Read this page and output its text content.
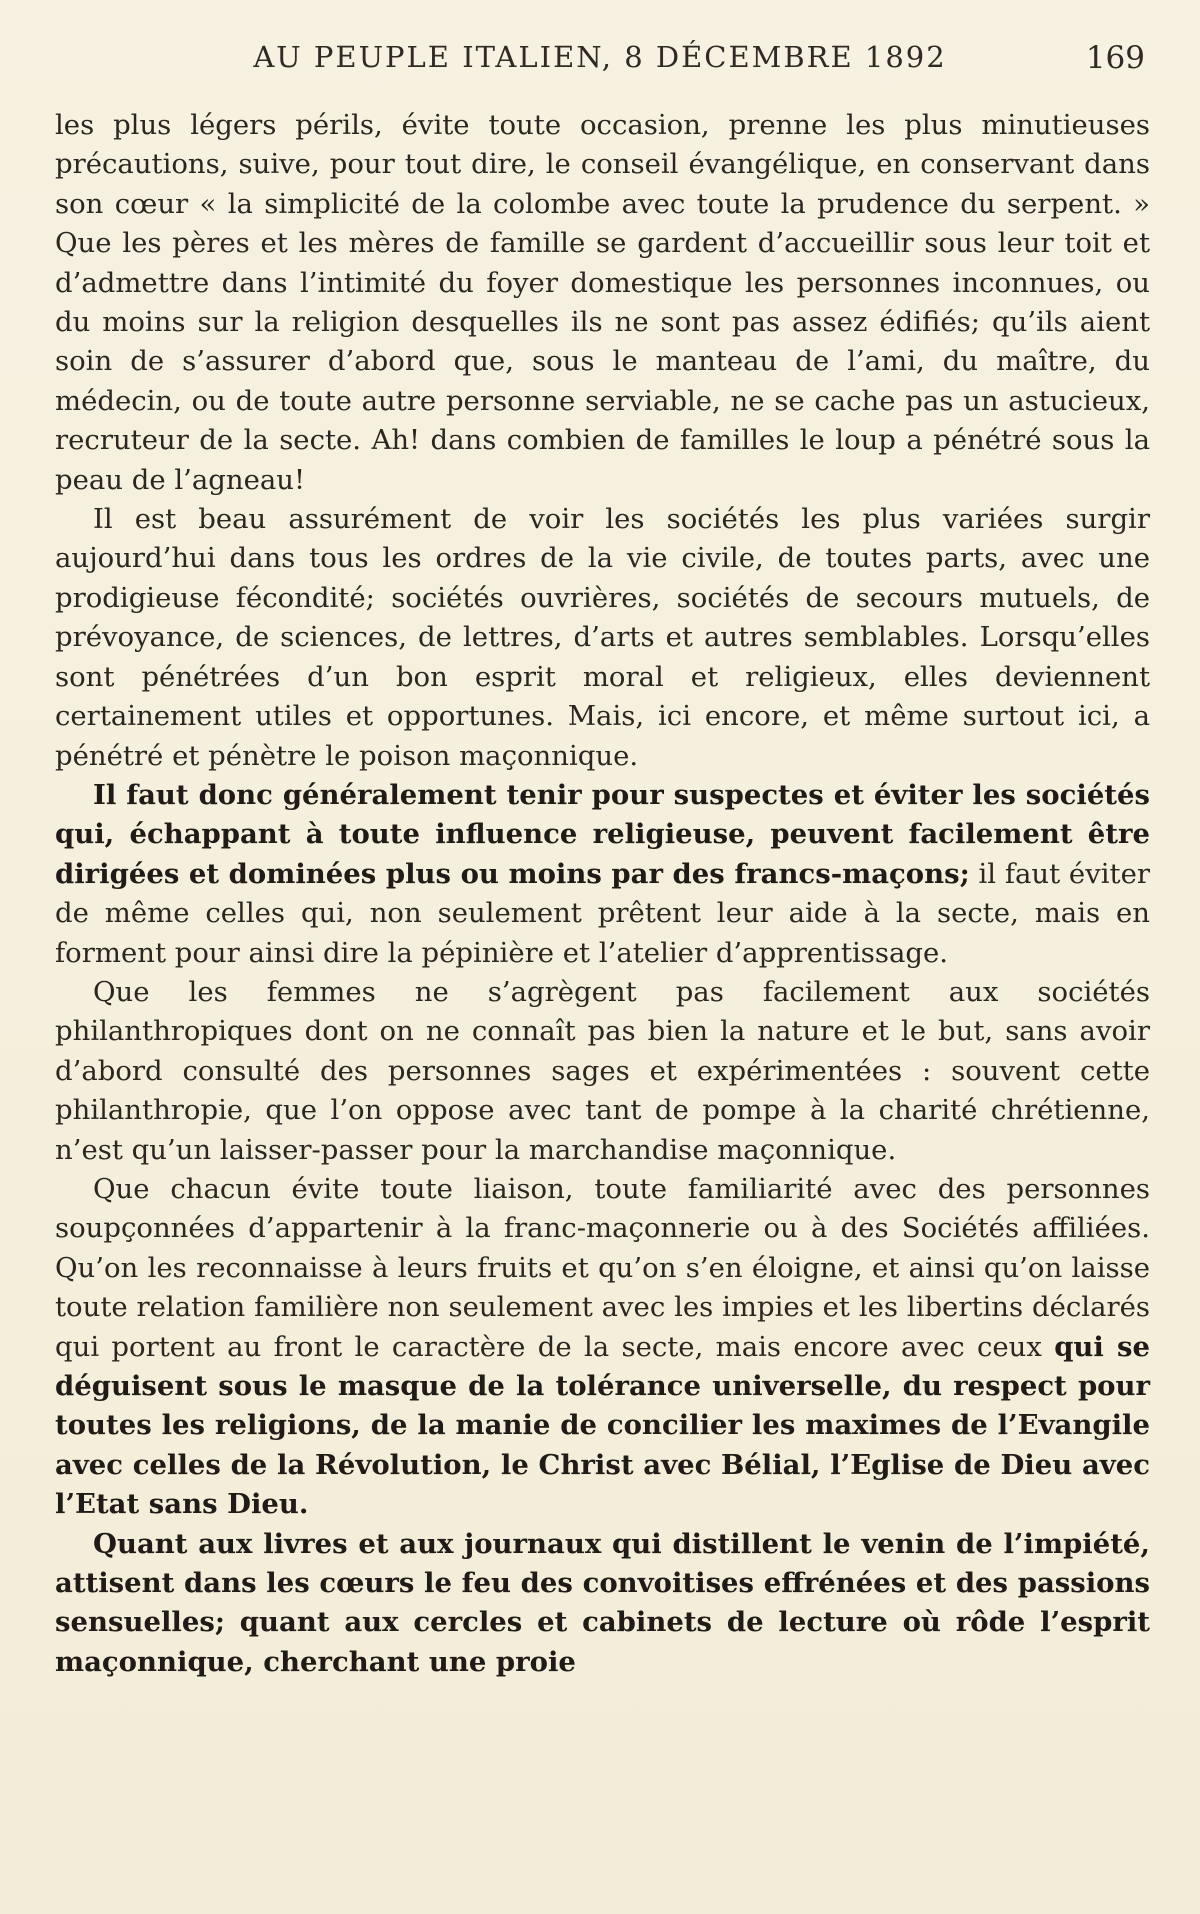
AU PEUPLE ITALIEN, 8 DÉCEMBRE 1892	169

les plus légers périls, évite toute occasion, prenne les plus minutieuses précautions, suive, pour tout dire, le conseil évangélique, en conservant dans son cœur « la simplicité de la colombe avec toute la prudence du serpent. » Que les pères et les mères de famille se gardent d’accueillir sous leur toit et d’admettre dans l’intimité du foyer domestique les personnes inconnues, ou du moins sur la religion desquelles ils ne sont pas assez édifiés; qu’ils aient soin de s’assurer d’abord que, sous le manteau de l’ami, du maître, du médecin, ou de toute autre personne serviable, ne se cache pas un astucieux, recruteur de la secte. Ah! dans combien de familles le loup a pénétré sous la peau de l’agneau!

Il est beau assurément de voir les sociétés les plus variées surgir aujourd’hui dans tous les ordres de la vie civile, de toutes parts, avec une prodigieuse fécondité; sociétés ouvrières, sociétés de secours mutuels, de prévoyance, de sciences, de lettres, d’arts et autres semblables. Lorsqu’elles sont pénétrées d’un bon esprit moral et religieux, elles deviennent certainement utiles et opportunes. Mais, ici encore, et même surtout ici, a pénétré et pénètre le poison maçonnique.

Il faut donc généralement tenir pour suspectes et éviter les sociétés qui, échappant à toute influence religieuse, peuvent facilement être dirigées et dominées plus ou moins par des francs-maçons; il faut éviter de même celles qui, non seulement prêtent leur aide à la secte, mais en forment pour ainsi dire la pépinière et l’atelier d’apprentissage.

Que les femmes ne s’agrègent pas facilement aux sociétés philanthropiques dont on ne connaît pas bien la nature et le but, sans avoir d’abord consulté des personnes sages et expérimentées : souvent cette philanthropie, que l’on oppose avec tant de pompe à la charité chrétienne, n’est qu’un laisser-passer pour la marchandise maçonnique.

Que chacun évite toute liaison, toute familiarité avec des personnes soupçonnées d’appartenir à la franc-maçonnerie ou à des Sociétés affiliées. Qu’on les reconnaisse à leurs fruits et qu’on s’en éloigne, et ainsi qu’on laisse toute relation familière non seulement avec les impies et les libertins déclarés qui portent au front le caractère de la secte, mais encore avec ceux qui se déguisent sous le masque de la tolérance universelle, du respect pour toutes les religions, de la manie de concilier les maximes de l’Evangile avec celles de la Révolution, le Christ avec Bélial, l’Eglise de Dieu avec l’Etat sans Dieu.

Quant aux livres et aux journaux qui distillent le venin de l’impiété, attisent dans les cœurs le feu des convoitises effrénées et des passions sensuelles; quant aux cercles et cabinets de lecture où rôde l’esprit maçonnique, cherchant une proie
